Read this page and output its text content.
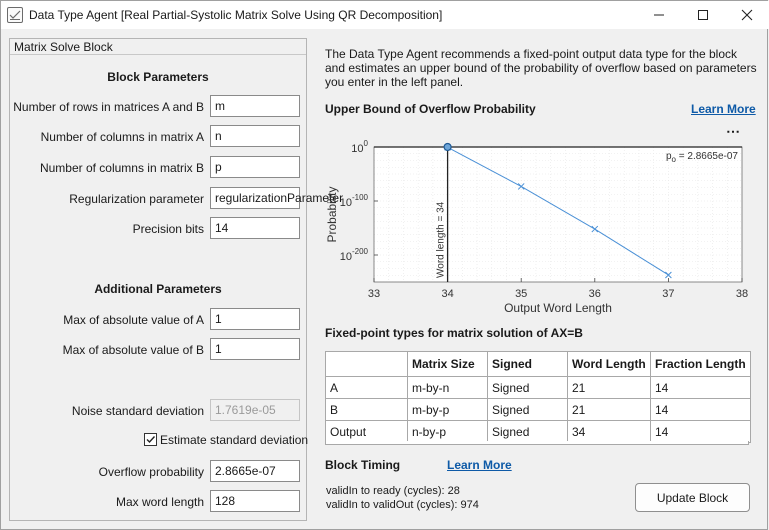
Data Type Agent [Real Partial-Systolic Matrix Solve Using QR Decomposition]
Matrix Solve Block
Block Parameters
Number of rows in matrices A and B m
Number of columns in matrix A n
Number of columns in matrix B p
Regularization parameter regularizationParameter
Precision bits 14
Additional Parameters
Max of absolute value of A 1
Max of absolute value of B 1
Noise standard deviation 1.7619e-05
Estimate standard deviation
Overflow probability 2.8665e-07
Max word length 128
The Data Type Agent recommends a fixed-point output data type for the block and estimates an upper bound of the probability of overflow based on parameters you enter in the left panel.
Upper Bound of Overflow Probability	Learn More
⋯
33	34	35	36	37	38
$10^0$
$10^{-100}$
$10^{-200}$	Word length = 34
$p_o = 2.8665e-07$
Output Word Length
Probability
Fixed-point types for matrix solution of AX=B
	Matrix Size	Signed	Word Length	Fraction Length
A	m-by-n	Signed	21	14
B	m-by-p	Signed	21	14
Output	n-by-p	Signed	34	14
Block Timing	Learn More
validIn to ready (cycles): 28
validIn to validOut (cycles): 974
Update Block
